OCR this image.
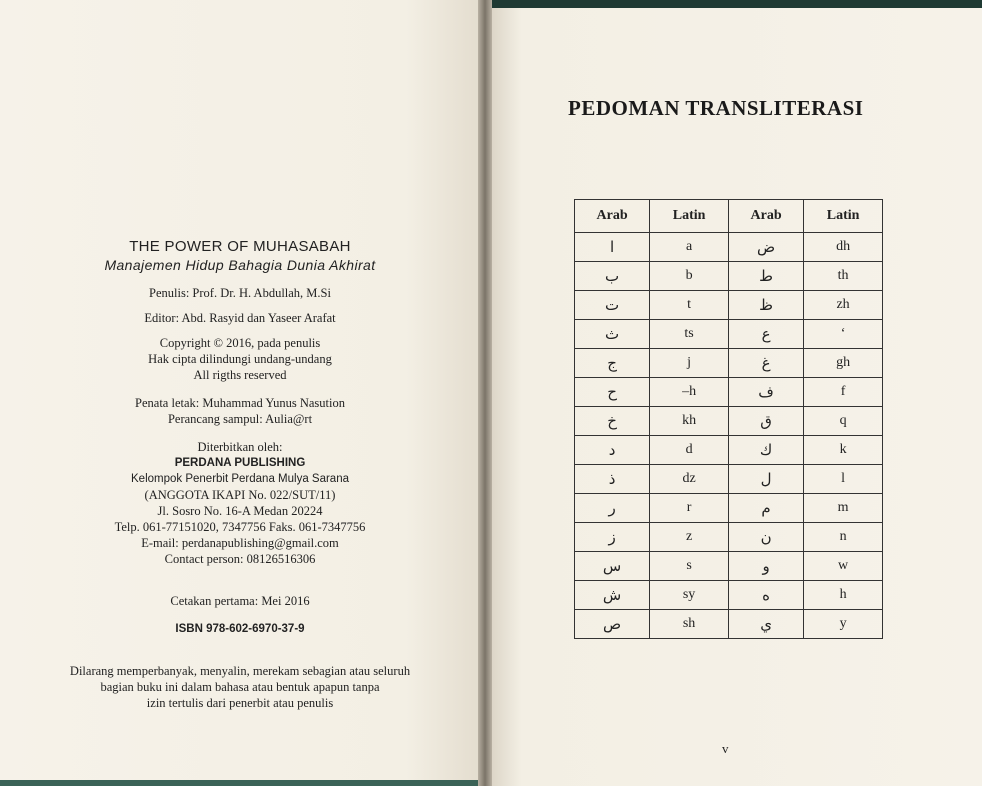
THE POWER OF MUHASABAH

Manajemen Hidup Bahagia Dunia Akhirat

Penulis: Prof. Dr. H. Abdullah, M.Si

Editor: Abd. Rasyid dan Yaseer Arafat

Copyright © 2016, pada penulis

Hak cipta dilindungi undang-undang

All rigths reserved

Penata letak: Muhammad Yunus Nasution

Perancang sampul: Aulia@rt

Diterbitkan oleh:

PERDANA PUBLISHING

Kelompok Penerbit Perdana Mulya Sarana

(ANGGOTA IKAPI No. 022/SUT/11)

Jl. Sosro No. 16-A Medan 20224

Telp. 061-77151020, 7347756 Faks. 061-7347756

E-mail: perdanapublishing@gmail.com

Contact person: 08126516306

Cetakan pertama: Mei 2016

ISBN 978-602-6970-37-9

Dilarang memperbanyak, menyalin, merekam sebagian atau seluruh

bagian buku ini dalam bahasa atau bentuk apapun tanpa

izin tertulis dari penerbit atau penulis

PEDOMAN TRANSLITERASI
Arab	Latin	Arab	Latin
ا	a	ض	dh
ب	b	ط	th
ت	t	ظ	zh
ث	ts	ع	‘
ج	j	غ	gh
ح	–h	ف	f
خ	kh	ق	q
د	d	ك	k
ذ	dz	ل	l
ر	r	م	m
ز	z	ن	n
س	s	و	w
ش	sy	ه	h
ص	sh	ي	y
v
